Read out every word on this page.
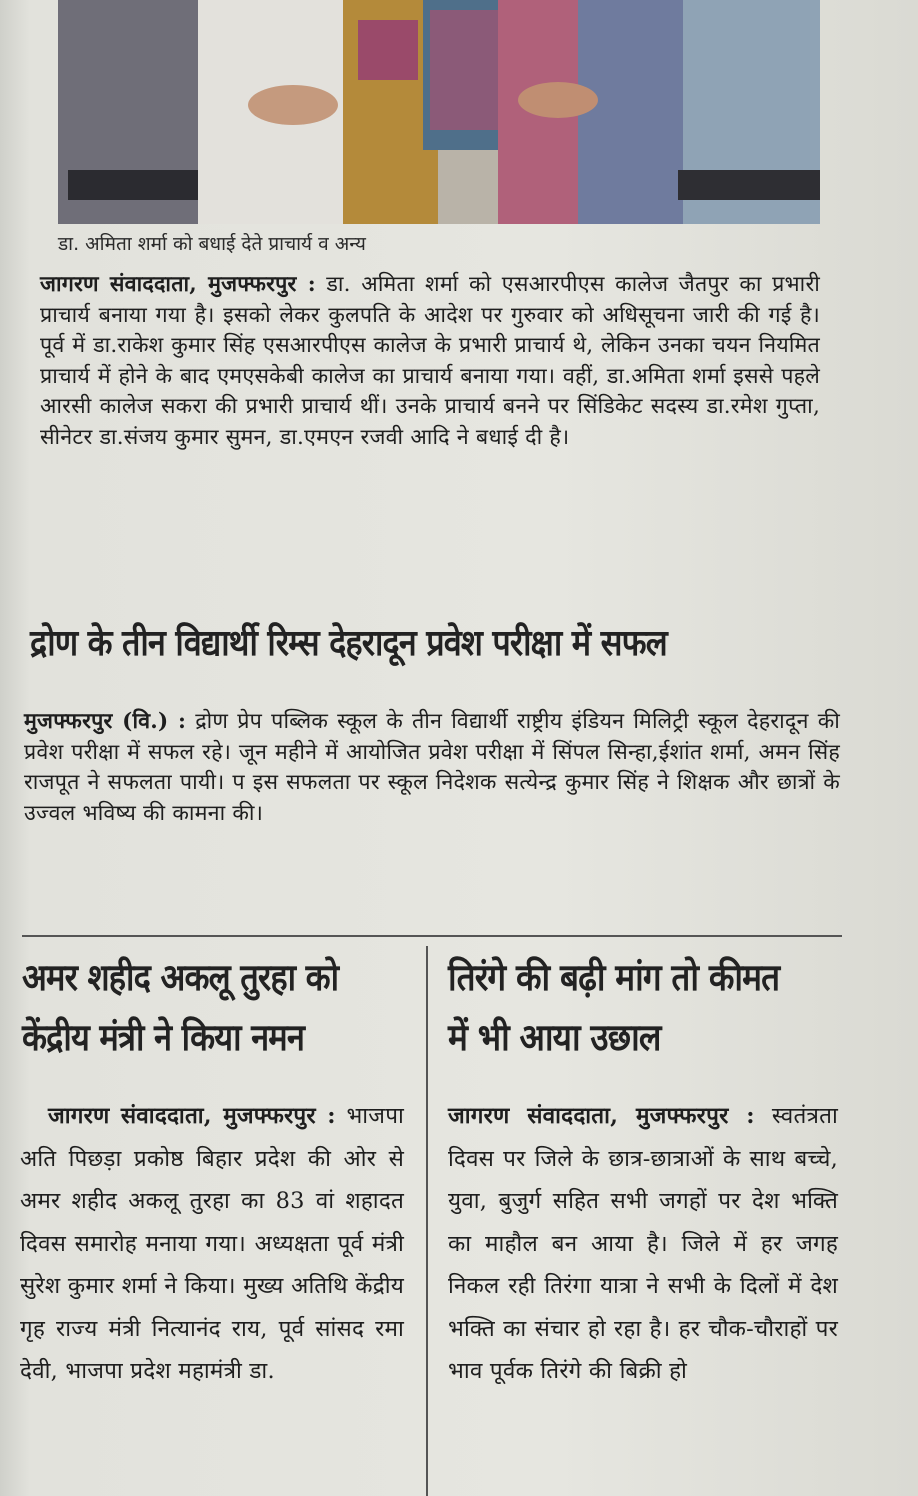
डा. अमिता शर्मा को बधाई देते प्राचार्य व अन्य
जागरण संवाददाता, मुजफ्फरपुर : डा. अमिता शर्मा को एसआरपीएस कालेज जैतपुर का प्रभारी प्राचार्य बनाया गया है। इसको लेकर कुलपति के आदेश पर गुरुवार को अधिसूचना जारी की गई है। पूर्व में डा.राकेश कुमार सिंह एसआरपीएस कालेज के प्रभारी प्राचार्य थे, लेकिन उनका चयन नियमित प्राचार्य में होने के बाद एमएसकेबी कालेज का प्राचार्य बनाया गया। वहीं, डा.अमिता शर्मा इससे पहले आरसी कालेज सकरा की प्रभारी प्राचार्य थीं। उनके प्राचार्य बनने पर सिंडिकेट सदस्य डा.रमेश गुप्ता, सीनेटर डा.संजय कुमार सुमन, डा.एमएन रजवी आदि ने बधाई दी है।
द्रोण के तीन विद्यार्थी रिम्स देहरादून प्रवेश परीक्षा में सफल
मुजफ्फरपुर (वि.) : द्रोण प्रेप पब्लिक स्कूल के तीन विद्यार्थी राष्ट्रीय इंडियन मिलिट्री स्कूल देहरादून की प्रवेश परीक्षा में सफल रहे। जून महीने में आयोजित प्रवेश परीक्षा में सिंपल सिन्हा,ईशांत शर्मा, अमन सिंह राजपूत ने सफलता पायी। प इस सफलता पर स्कूल निदेशक सत्येन्द्र कुमार सिंह ने शिक्षक और छात्रों के उज्वल भविष्य की कामना की।
अमर शहीद अकलू तुरहा को केंद्रीय मंत्री ने किया नमन
तिरंगे की बढ़ी मांग तो कीमत में भी आया उछाल
जागरण संवाददाता, मुजफ्फरपुर : भाजपा अति पिछड़ा प्रकोष्ठ बिहार प्रदेश की ओर से अमर शहीद अकलू तुरहा का 83 वां शहादत दिवस समारोह मनाया गया। अध्यक्षता पूर्व मंत्री सुरेश कुमार शर्मा ने किया। मुख्य अतिथि केंद्रीय गृह राज्य मंत्री नित्यानंद राय, पूर्व सांसद रमा देवी, भाजपा प्रदेश महामंत्री डा.
जागरण संवाददाता, मुजफ्फरपुर : स्वतंत्रता दिवस पर जिले के छात्र-छात्राओं के साथ बच्चे, युवा, बुजुर्ग सहित सभी जगहों पर देश भक्ति का माहौल बन आया है। जिले में हर जगह निकल रही तिरंगा यात्रा ने सभी के दिलों में देश भक्ति का संचार हो रहा है। हर चौक-चौराहों पर भाव पूर्वक तिरंगे की बिक्री हो
